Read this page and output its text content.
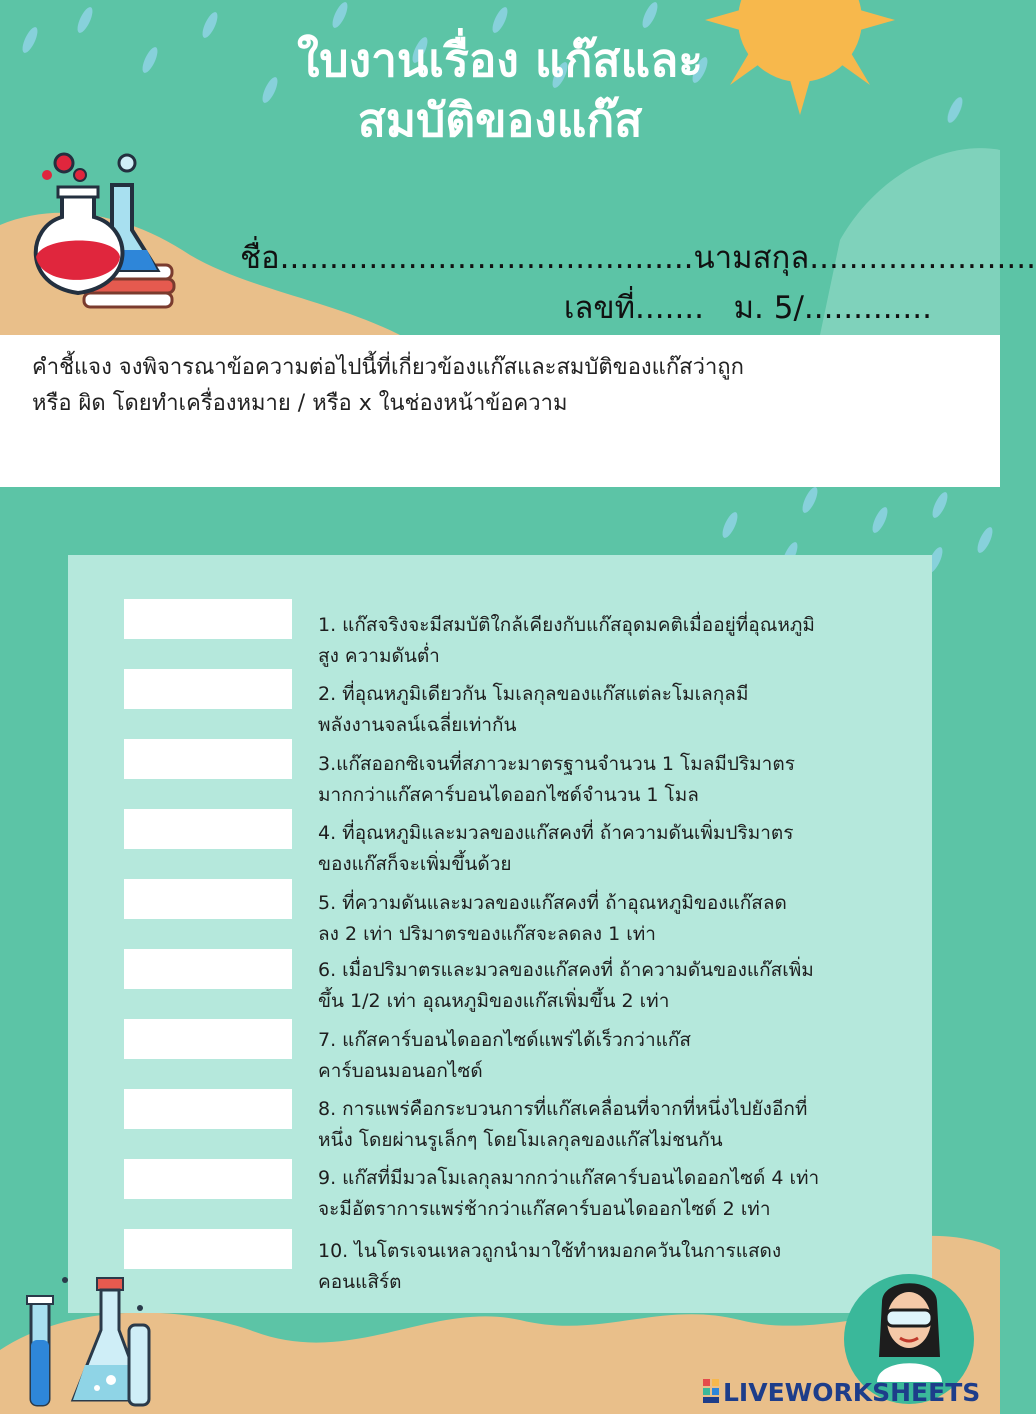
ใบงานเรื่อง แก๊สและ
สมบัติของแก๊ส
ชื่อ..........................................นามสกุล.......................
เลขที่....... ม. 5/.............
คำชี้แจง จงพิจารณาข้อความต่อไปนี้ที่เกี่ยวข้องแก๊สและสมบัติของแก๊สว่าถูก
หรือ ผิด โดยทำเครื่องหมาย / หรือ x ในช่องหน้าข้อความ
1. แก๊สจริงจะมีสมบัติใกล้เคียงกับแก๊สอุดมคติเมื่ออยู่ที่อุณหภูมิ
สูง ความดันต่ำ
2. ที่อุณหภูมิเดียวกัน โมเลกุลของแก๊สแต่ละโมเลกุลมี
พลังงานจลน์เฉลี่ยเท่ากัน
3.แก๊สออกซิเจนที่สภาวะมาตรฐานจำนวน 1 โมลมีปริมาตร
มากกว่าแก๊สคาร์บอนไดออกไซด์จำนวน 1 โมล
4. ที่อุณหภูมิและมวลของแก๊สคงที่ ถ้าความดันเพิ่มปริมาตร
ของแก๊สก็จะเพิ่มขึ้นด้วย
5. ที่ความดันและมวลของแก๊สคงที่ ถ้าอุณหภูมิของแก๊สลด
ลง 2 เท่า ปริมาตรของแก๊สจะลดลง 1 เท่า
6. เมื่อปริมาตรและมวลของแก๊สคงที่ ถ้าความดันของแก๊สเพิ่ม
ขึ้น 1/2 เท่า อุณหภูมิของแก๊สเพิ่มขึ้น 2 เท่า
7. แก๊สคาร์บอนไดออกไซด์แพร่ได้เร็วกว่าแก๊ส
คาร์บอนมอนอกไซด์
8. การแพร่คือกระบวนการที่แก๊สเคลื่อนที่จากที่หนึ่งไปยังอีกที่
หนึ่ง โดยผ่านรูเล็กๆ โดยโมเลกุลของแก๊สไม่ชนกัน
9. แก๊สที่มีมวลโมเลกุลมากกว่าแก๊สคาร์บอนไดออกไซด์ 4 เท่า
จะมีอัตราการแพร่ช้ากว่าแก๊สคาร์บอนไดออกไซด์ 2 เท่า
10. ไนโตรเจนเหลวถูกนำมาใช้ทำหมอกควันในการแสดง
คอนแสิร์ต
LIVEWORKSHEETS
